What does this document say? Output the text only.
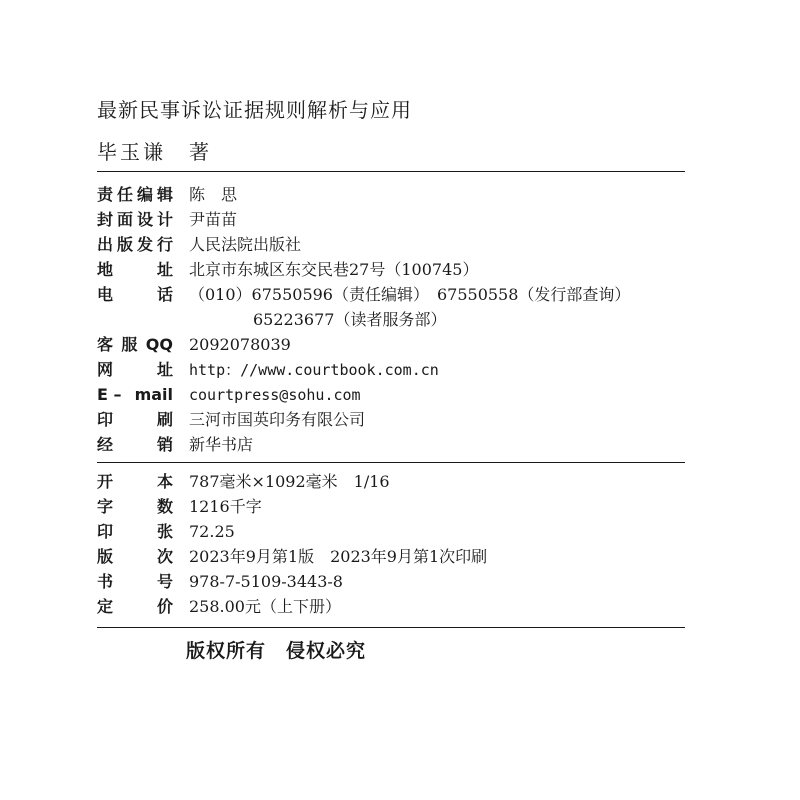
最新民事诉讼证据规则解析与应用
毕玉谦　著
责 任 编 辑 陈　思
封 面 设 计 尹苗苗
出 版 发 行 人民法院出版社
地	址 北京市东城区东交民巷27号（100745）
电	话 （010）67550596（责任编辑）　67550558（发行部查询）
65223677（读者服务部）
客 服 QQ 2092078039
网	址 http：//www.courtbook.com.cn
E – mail courtpress@sohu.com
印	刷 三河市国英印务有限公司
经	销 新华书店
开	本 787毫米×1092毫米　1/16
字	数 1216千字
印	张 72.25
版	次 2023年9月第1版　2023年9月第1次印刷
书	号 978-7-5109-3443-8
定	价 258.00元（上下册）
版权所有　侵权必究
